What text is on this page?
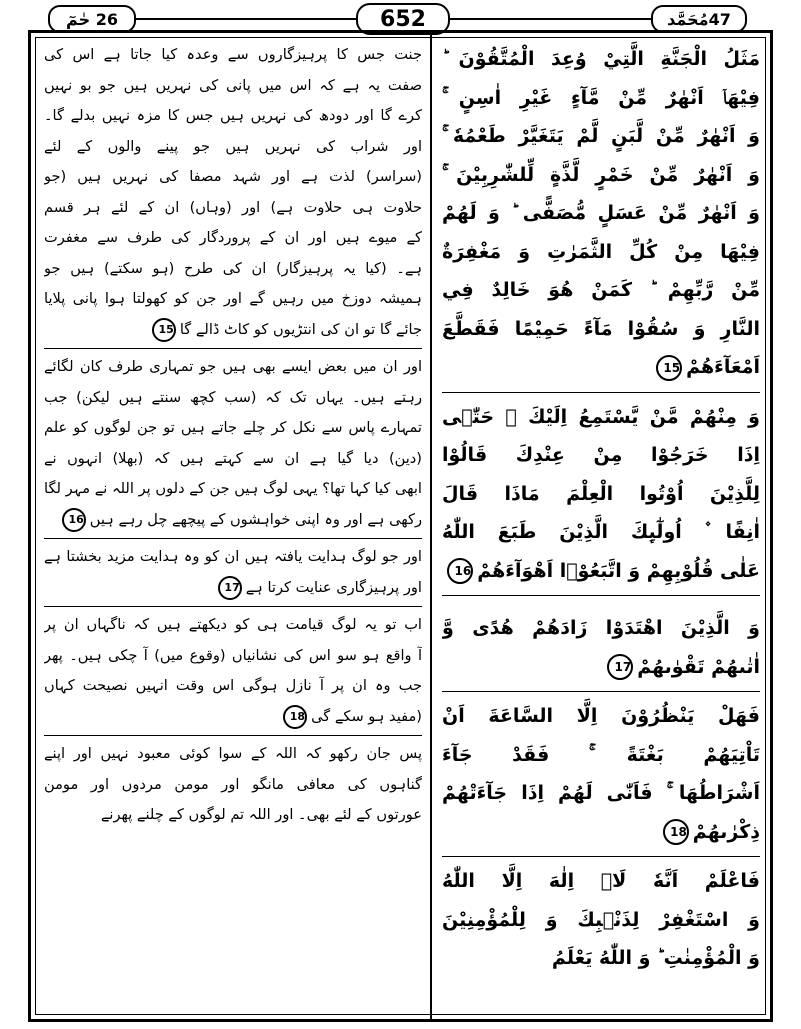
حٰمٓ
26	652	مُحَمَّد 47
جنت جس کا پرہیزگاروں سے وعدہ کیا جاتا ہے اس کی
صفت یہ ہے کہ اس میں پانی کی نہریں ہیں جو بو نہیں
کرے گا اور دودھ کی نہریں ہیں جس کا مزہ نہیں بدلے گا۔
اور شراب کی نہریں ہیں جو پینے والوں کے لئے
(سراسر) لذت ہے اور شہد مصفا کی نہریں ہیں (جو
حلاوت ہی حلاوت ہے) اور (وہاں) ان کے لئے ہر قسم
کے میوے ہیں اور ان کے پروردگار کی طرف سے مغفرت
ہے۔ (کیا یہ پرہیزگار) ان کی طرح (ہو سکتے) ہیں جو
ہمیشہ دوزخ میں رہیں گے اور جن کو کھولتا ہوا پانی پلایا
جائے گا تو ان کی انتڑیوں کو کاٹ ڈالے گا15
اور ان میں بعض ایسے بھی ہیں جو تمہاری طرف کان لگائے
رہتے ہیں۔ یہاں تک کہ (سب کچھ سنتے ہیں لیکن) جب
تمہارے پاس سے نکل کر چلے جاتے ہیں تو جن لوگوں کو علم
(دین) دیا گیا ہے ان سے کہتے ہیں کہ (بھلا) انہوں نے
ابھی کیا کہا تھا؟ یہی لوگ ہیں جن کے دلوں پر اللہ نے مہر لگا
رکھی ہے اور وہ اپنی خواہشوں کے پیچھے چل رہے ہیں16
اور جو لوگ ہدایت یافتہ ہیں ان کو وہ ہدایت مزید بخشتا ہے
اور پرہیزگاری عنایت کرتا ہے17
اب تو یہ لوگ قیامت ہی کو دیکھتے ہیں کہ ناگہاں ان پر
آ واقع ہو سو اس کی نشانیاں (وقوع میں) آ چکی ہیں۔ پھر
جب وہ ان پر آ نازل ہوگی اس وقت انہیں نصیحت کہاں
(مفید ہو سکے گی18
پس جان رکھو کہ اللہ کے سوا کوئی معبود نہیں اور اپنے
گناہوں کی معافی مانگو اور مومن مردوں اور مومن
عورتوں کے لئے بھی۔ اور اللہ تم لوگوں کے چلنے پھرنے
مَثَلُ الْجَنَّةِ الَّتِيْ وُعِدَ الْمُتَّقُوْنَ ؕ
فِيْهَاۤ اَنْهٰرٌ مِّنْ مَّآءٍ غَيْرِ اٰسِنٍ ۚ
وَ اَنْهٰرٌ مِّنْ لَّبَنٍ لَّمْ يَتَغَيَّرْ طَعْمُهٗ ۚ
وَ اَنْهٰرٌ مِّنْ خَمْرٍ لَّذَّةٍ لِّلشّٰرِبِيْنَ ۚ
وَ اَنْهٰرٌ مِّنْ عَسَلٍ مُّصَفًّى ؕ وَ لَهُمْ
فِيْهَا مِنْ كُلِّ الثَّمَرٰتِ وَ مَغْفِرَةٌ
مِّنْ رَّبِّهِمْ ؕ كَمَنْ هُوَ خَالِدٌ فِي
النَّارِ وَ سُقُوْا مَآءً حَمِيْمًا فَقَطَّعَ
اَمْعَآءَهُمْ15
وَ مِنْهُمْ مَّنْ يَّسْتَمِعُ اِلَيْكَ ۚ حَتّٰۤى
اِذَا خَرَجُوْا مِنْ عِنْدِكَ قَالُوْا
لِلَّذِيْنَ اُوْتُوا الْعِلْمَ مَاذَا قَالَ
اٰنِفًا ۫ اُولٰٓىِٕكَ الَّذِيْنَ طَبَعَ اللّٰهُ
عَلٰى قُلُوْبِهِمْ وَ اتَّبَعُوْۤا اَهْوَآءَهُمْ16
وَ الَّذِيْنَ اهْتَدَوْا زَادَهُمْ هُدًى وَّ
اٰتٰىهُمْ تَقْوٰىهُمْ17
فَهَلْ يَنْظُرُوْنَ اِلَّا السَّاعَةَ اَنْ
تَاْتِيَهُمْ بَغْتَةً ۚ فَقَدْ جَآءَ
اَشْرَاطُهَا ۚ فَاَنّٰى لَهُمْ اِذَا جَآءَتْهُمْ
ذِكْرٰىهُمْ18
فَاعْلَمْ اَنَّهٗ لَاۤ اِلٰهَ اِلَّا اللّٰهُ
وَ اسْتَغْفِرْ لِذَنْۢبِكَ وَ لِلْمُؤْمِنِيْنَ
وَ الْمُؤْمِنٰتِ ؕ وَ اللّٰهُ يَعْلَمُ
